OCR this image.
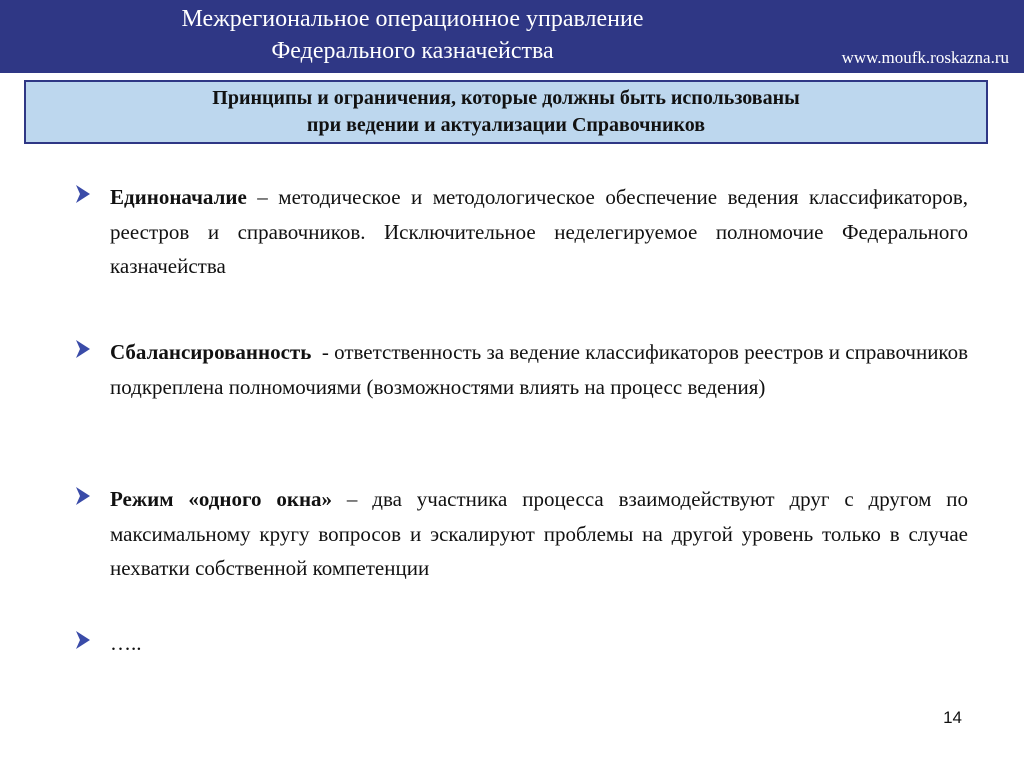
Межрегиональное операционное управление
Федерального казначейства	www.moufk.roskazna.ru
Принципы и ограничения, которые должны быть использованы
при ведении и актуализации Справочников
Единоначалие – методическое и методологическое обеспечение ведения классификаторов, реестров и справочников. Исключительное неделегируемое полномочие Федерального казначейства
Сбалансированность  - ответственность за ведение классификаторов реестров и справочников подкреплена полномочиями (возможностями влиять на процесс ведения)
Режим «одного окна» – два участника процесса взаимодействуют друг с другом по максимальному кругу вопросов и эскалируют проблемы на другой уровень только в случае нехватки собственной компетенции
…..
14
